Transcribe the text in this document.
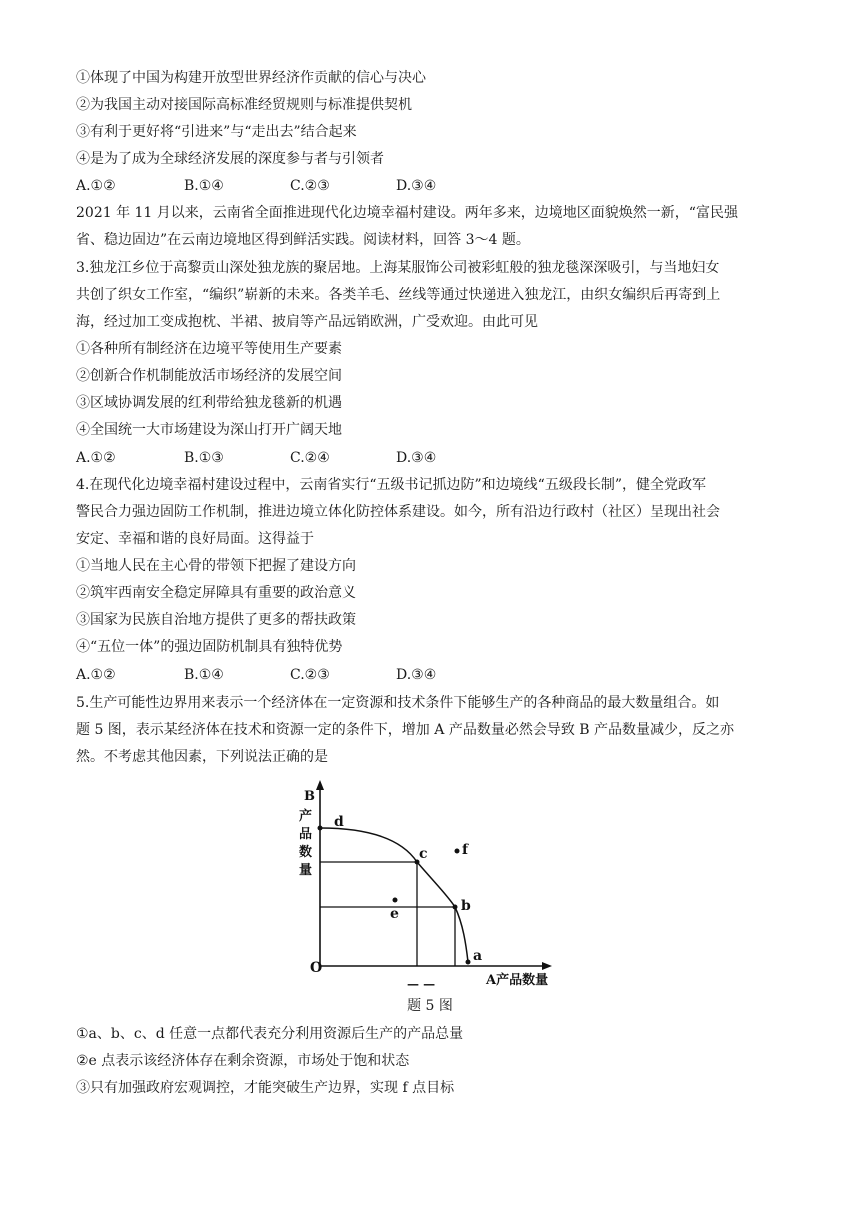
①体现了中国为构建开放型世界经济作贡献的信心与决心
②为我国主动对接国际高标准经贸规则与标准提供契机
③有利于更好将“引进来”与“走出去”结合起来
④是为了成为全球经济发展的深度参与者与引领者
A.①②	B.①④	C.②③	D.③④
2021 年 11 月以来，云南省全面推进现代化边境幸福村建设。两年多来，边境地区面貌焕然一新，“富民强
省、稳边固边”在云南边境地区得到鲜活实践。阅读材料，回答 3～4 题。
3.独龙江乡位于高黎贡山深处独龙族的聚居地。上海某服饰公司被彩虹般的独龙毯深深吸引，与当地妇女
共创了织女工作室，“编织”崭新的未来。各类羊毛、丝线等通过快递进入独龙江，由织女编织后再寄到上
海，经过加工变成抱枕、半裙、披肩等产品远销欧洲，广受欢迎。由此可见
①各种所有制经济在边境平等使用生产要素
②创新合作机制能放活市场经济的发展空间
③区域协调发展的红利带给独龙毯新的机遇
④全国统一大市场建设为深山打开广阔天地
A.①②	B.①③	C.②④	D.③④
4.在现代化边境幸福村建设过程中，云南省实行“五级书记抓边防”和边境线“五级段长制”，健全党政军
警民合力强边固防工作机制，推进边境立体化防控体系建设。如今，所有沿边行政村（社区）呈现出社会
安定、幸福和谐的良好局面。这得益于
①当地人民在主心骨的带领下把握了建设方向
②筑牢西南安全稳定屏障具有重要的政治意义
③国家为民族自治地方提供了更多的帮扶政策
④“五位一体”的强边固防机制具有独特优势
A.①②	B.①④	C.②③	D.③④
5.生产可能性边界用来表示一个经济体在一定资源和技术条件下能够生产的各种商品的最大数量组合。如
题 5 图，表示某经济体在技术和资源一定的条件下，增加 A 产品数量必然会导致 B 产品数量减少，反之亦
然。不考虑其他因素，下列说法正确的是
B
产
品
数
量
d
c f
b
e
a
O
— —	A产品数量
题 5 图
①a、b、c、d 任意一点都代表充分利用资源后生产的产品总量
②e 点表示该经济体存在剩余资源，市场处于饱和状态
③只有加强政府宏观调控，才能突破生产边界，实现 f 点目标
